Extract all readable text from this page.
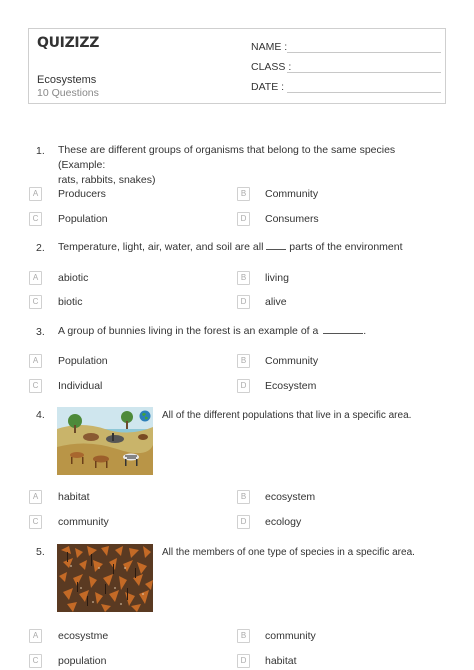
QUIZIZZ
Ecosystems
10 Questions
NAME :
CLASS :
DATE :
1. These are different groups of organisms that belong to the same species (Example:
rats, rabbits, snakes)
A	Producers	B	Community
C	Population	D	Consumers
2. Temperature, light, air, water, and soil are all parts of the environment
A	abiotic	B	living
C	biotic	D	alive
3. A group of bunnies living in the forest is an example of a	.
A	Population	B	Community
C	Individual	D	Ecosystem
4.	All of the different populations that live in a specific area.
A	habitat	B	ecosystem
C	community	D	ecology
5.	All the members of one type of species in a specific area.
A	ecosystme	B	community
C	population	D	habitat
